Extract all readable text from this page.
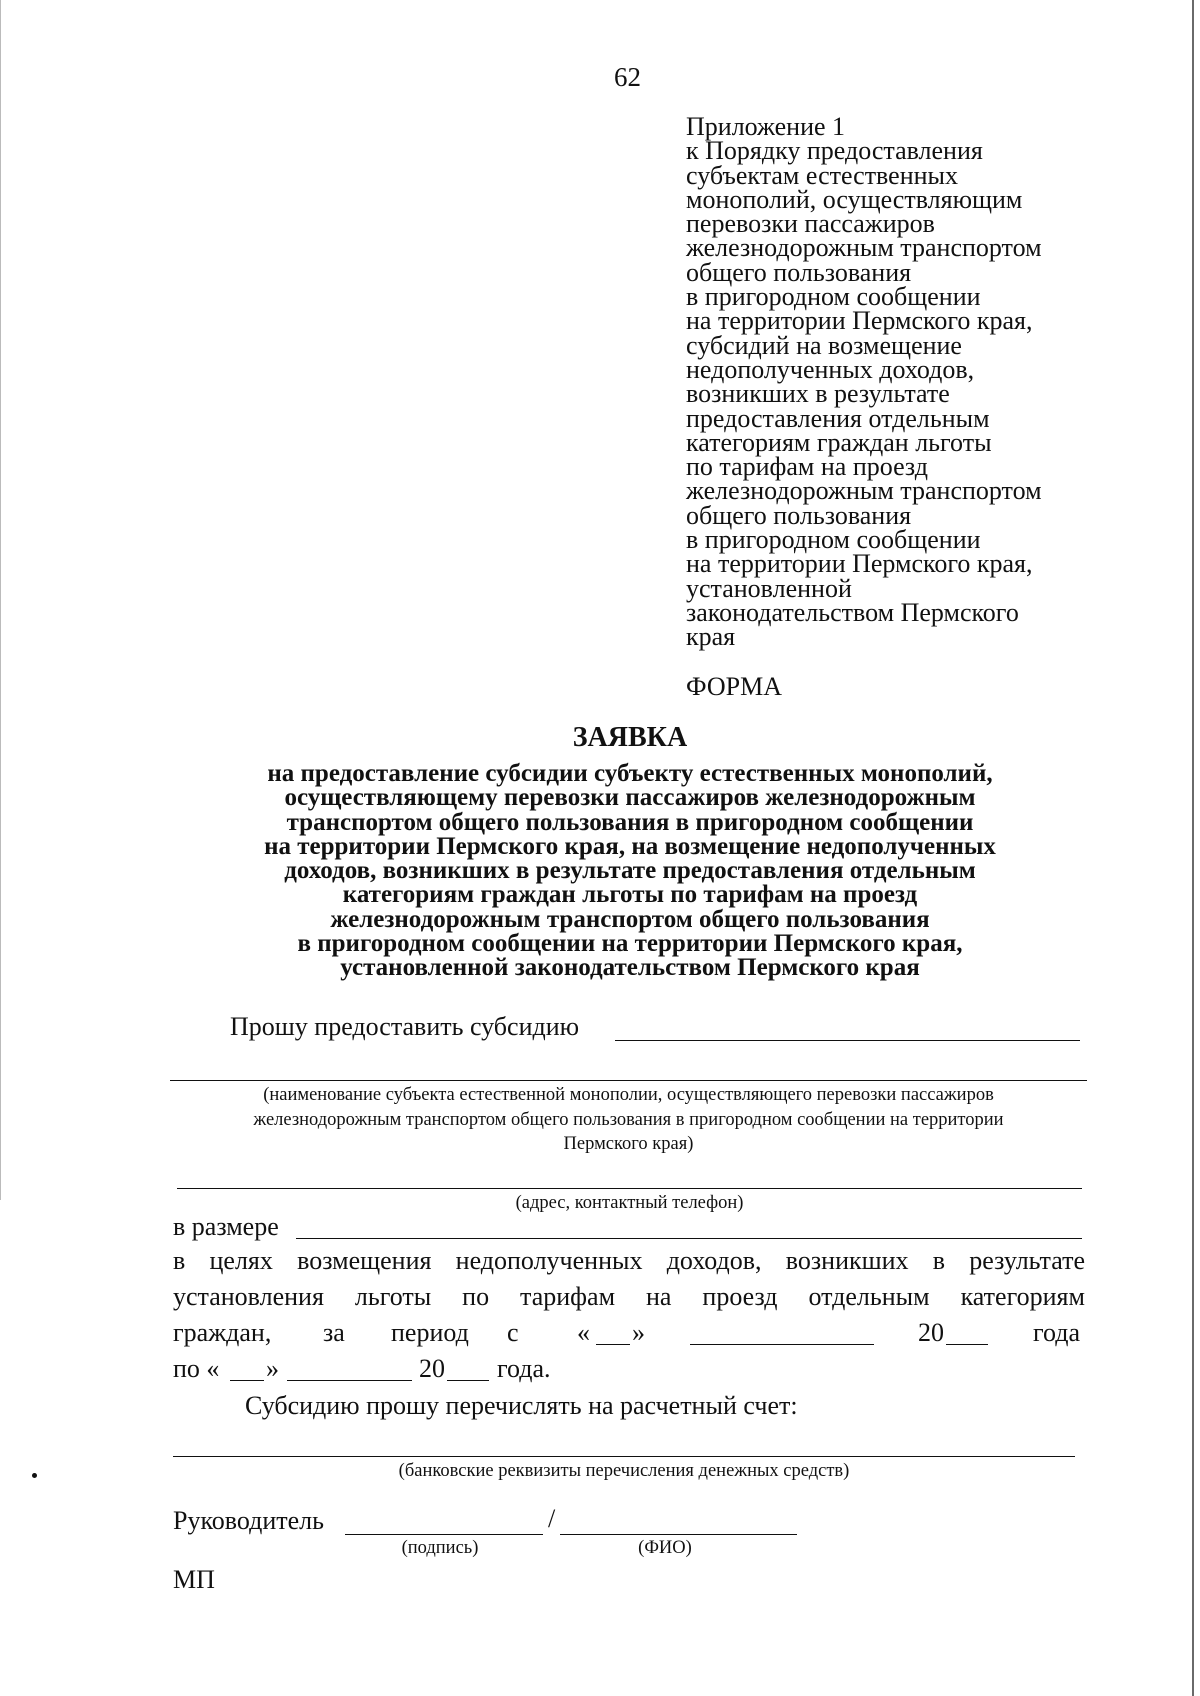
62
Приложение 1
к Порядку предоставления
субъектам естественных
монополий, осуществляющим
перевозки пассажиров
железнодорожным транспортом
общего пользования
в пригородном сообщении
на территории Пермского края,
субсидий на возмещение
недополученных доходов,
возникших в результате
предоставления отдельным
категориям граждан льготы
по тарифам на проезд
железнодорожным транспортом
общего пользования
в пригородном сообщении
на территории Пермского края,
установленной
законодательством Пермского
края
ФОРМА
ЗАЯВКА
на предоставление субсидии субъекту естественных монополий,
осуществляющему перевозки пассажиров железнодорожным
транспортом общего пользования в пригородном сообщении
на территории Пермского края, на возмещение недополученных
доходов, возникших в результате предоставления отдельным
категориям граждан льготы по тарифам на проезд
железнодорожным транспортом общего пользования
в пригородном сообщении на территории Пермского края,
установленной законодательством Пермского края
Прошу предоставить субсидию
(наименование субъекта естественной монополии, осуществляющего перевозки пассажиров
железнодорожным транспортом общего пользования в пригородном сообщении на территории
Пермского края)
(адрес, контактный телефон)
в размере
в целях возмещения недополученных доходов, возникших в результате
установления льготы по тарифам на проезд отдельным категориям
граждан, за период с « »	20	года
по « »	20 года.
Субсидию прошу перечислять на расчетный счет:
(банковские реквизиты перечисления денежных средств)
Руководитель	/
(подпись)	(ФИО)
МП
